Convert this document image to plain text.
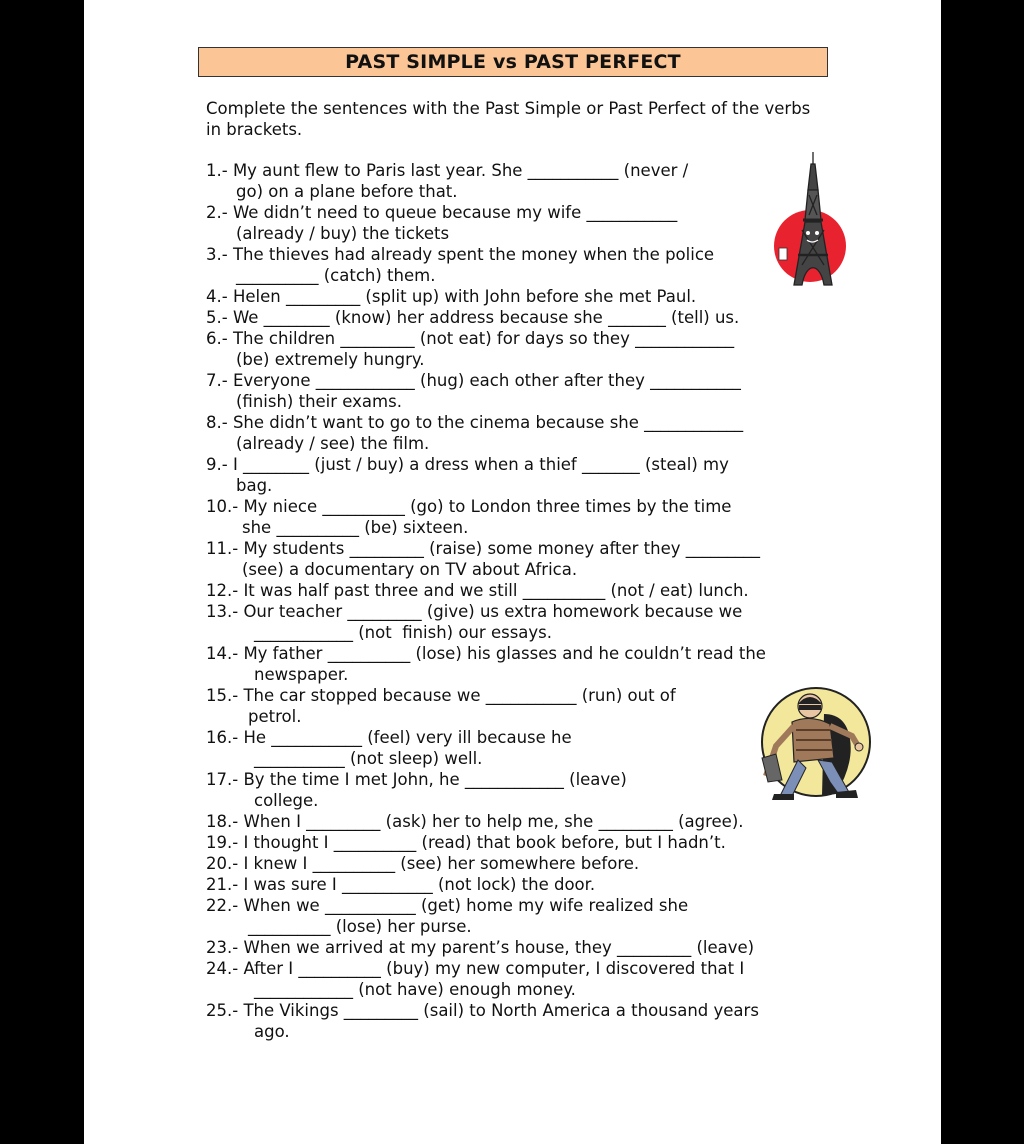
PAST SIMPLE vs PAST PERFECT

Complete the sentences with the Past Simple or Past Perfect of the verbs in brackets.

1.- My aunt flew to Paris last year. She ___________ (never /
go) on a plane before that.
2.- We didn’t need to queue because my wife ___________
(already / buy) the tickets
3.- The thieves had already spent the money when the police
__________ (catch) them.
4.- Helen _________ (split up) with John before she met Paul.
5.- We ________ (know) her address because she _______ (tell) us.
6.- The children _________ (not eat) for days so they ____________
(be) extremely hungry.
7.- Everyone ____________ (hug) each other after they ___________
(finish) their exams.
8.- She didn’t want to go to the cinema because she ____________
(already / see) the film.
9.- I ________ (just / buy) a dress when a thief _______ (steal) my
bag.
10.- My niece __________ (go) to London three times by the time
she __________ (be) sixteen.
11.- My students _________ (raise) some money after they _________
(see) a documentary on TV about Africa.
12.- It was half past three and we still __________ (not / eat) lunch.
13.- Our teacher _________ (give) us extra homework because we
____________ (not  finish) our essays.
14.- My father __________ (lose) his glasses and he couldn’t read the
newspaper.
15.- The car stopped because we ___________ (run) out of
petrol.
16.- He ___________ (feel) very ill because he
___________ (not sleep) well.
17.- By the time I met John, he ____________ (leave)
college.
18.- When I _________ (ask) her to help me, she _________ (agree).
19.- I thought I __________ (read) that book before, but I hadn’t.
20.- I knew I __________ (see) her somewhere before.
21.- I was sure I ___________ (not lock) the door.
22.- When we ___________ (get) home my wife realized she
__________ (lose) her purse.
23.- When we arrived at my parent’s house, they _________ (leave)
24.- After I __________ (buy) my new computer, I discovered that I
____________ (not have) enough money.
25.- The Vikings _________ (sail) to North America a thousand years
ago.
